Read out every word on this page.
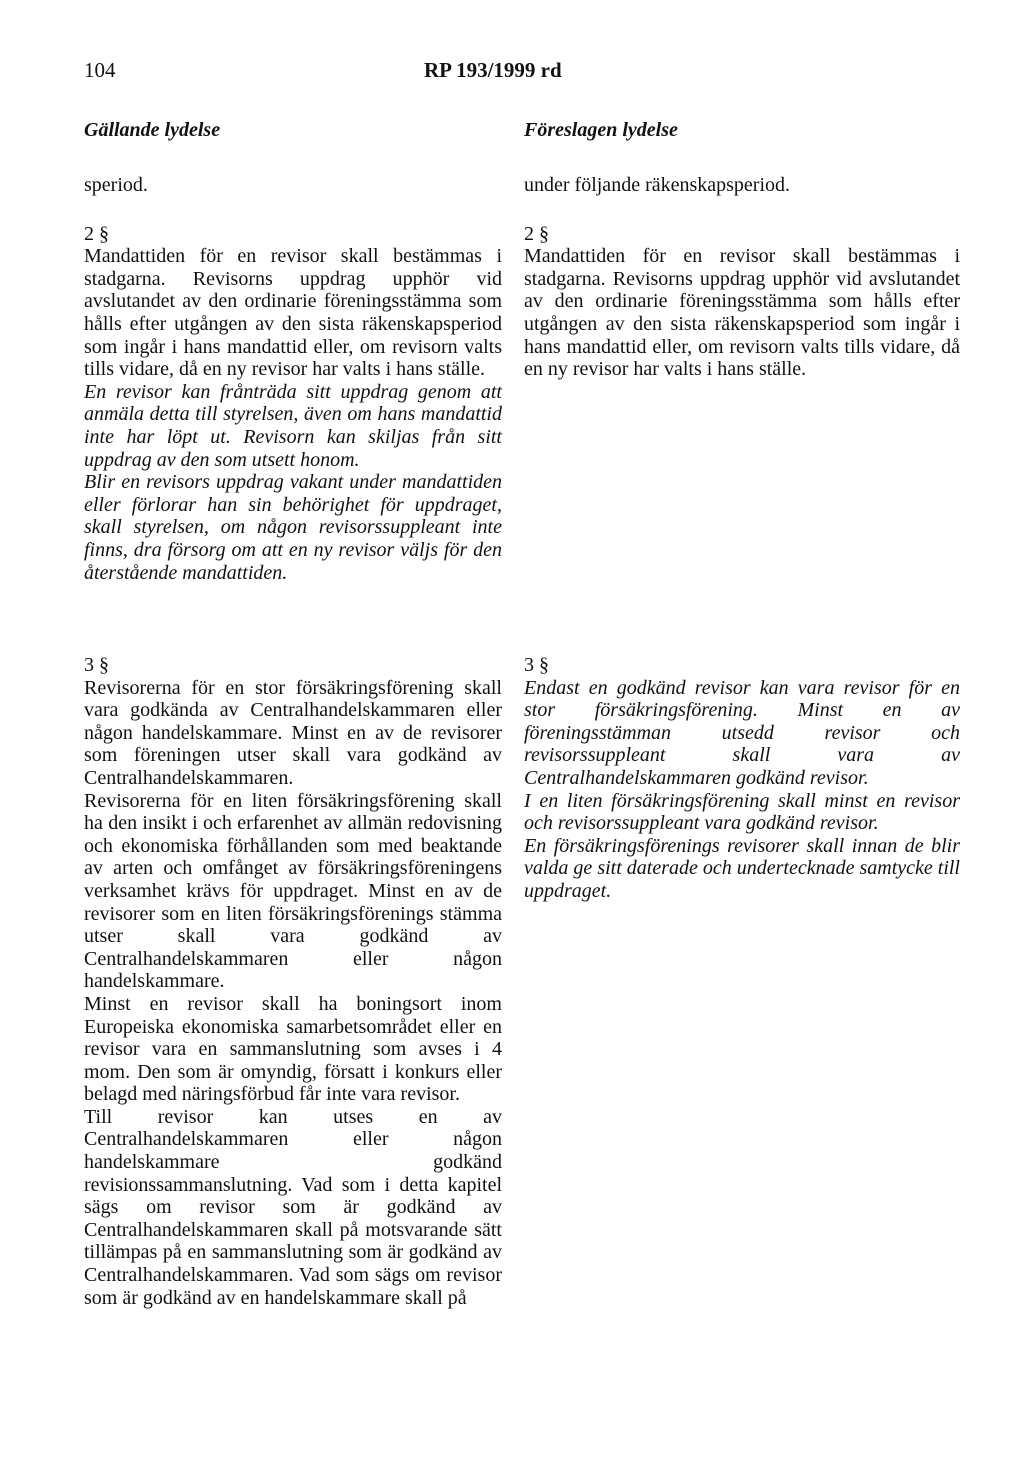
104	RP 193/1999 rd
Gällande lydelse

speriod.

2 §

Mandattiden för en revisor skall bestämmas i stadgarna. Revisorns uppdrag upphör vid avslutandet av den ordinarie föreningsstämma som hålls efter utgången av den sista räkenskapsperiod som ingår i hans mandattid eller, om revisorn valts tills vidare, då en ny revisor har valts i hans ställe.

En revisor kan frånträda sitt uppdrag genom att anmäla detta till styrelsen, även om hans mandattid inte har löpt ut. Revisorn kan skiljas från sitt uppdrag av den som utsett honom.

Blir en revisors uppdrag vakant under mandattiden eller förlorar han sin behörighet för uppdraget, skall styrelsen, om någon revisorssuppleant inte finns, dra försorg om att en ny revisor väljs för den återstående mandattiden.

3 §

Revisorerna för en stor försäkringsförening skall vara godkända av Centralhandelskammaren eller någon handelskammare. Minst en av de revisorer som föreningen utser skall vara godkänd av Centralhandelskammaren.

Revisorerna för en liten försäkringsförening skall ha den insikt i och erfarenhet av allmän redovisning och ekonomiska förhållanden som med beaktande av arten och omfånget av försäkringsföreningens verksamhet krävs för uppdraget. Minst en av de revisorer som en liten försäkringsförenings stämma utser skall vara godkänd av Centralhandelskammaren eller någon handelskammare.

Minst en revisor skall ha boningsort inom Europeiska ekonomiska samarbetsområdet eller en revisor vara en sammanslutning som avses i 4 mom. Den som är omyndig, försatt i konkurs eller belagd med näringsförbud får inte vara revisor.

Till revisor kan utses en av Centralhandelskammaren eller någon handelskammare godkänd revisionssammanslutning. Vad som i detta kapitel sägs om revisor som är godkänd av Centralhandelskammaren skall på motsvarande sätt tillämpas på en sammanslutning som är godkänd av Centralhandelskammaren. Vad som sägs om revisor som är godkänd av en handelskammare skall på

Föreslagen lydelse

under följande räkenskapsperiod.

2 §

Mandattiden för en revisor skall bestämmas i stadgarna. Revisorns uppdrag upphör vid avslutandet av den ordinarie föreningsstämma som hålls efter utgången av den sista räkenskapsperiod som ingår i hans mandattid eller, om revisorn valts tills vidare, då en ny revisor har valts i hans ställe.

3 §

Endast en godkänd revisor kan vara revisor för en stor försäkringsförening. Minst en av föreningsstämman utsedd revisor och revisorssuppleant skall vara av Centralhandelskammaren godkänd revisor.

I en liten försäkringsförening skall minst en revisor och revisorssuppleant vara godkänd revisor.

En försäkringsförenings revisorer skall innan de blir valda ge sitt daterade och undertecknade samtycke till uppdraget.
